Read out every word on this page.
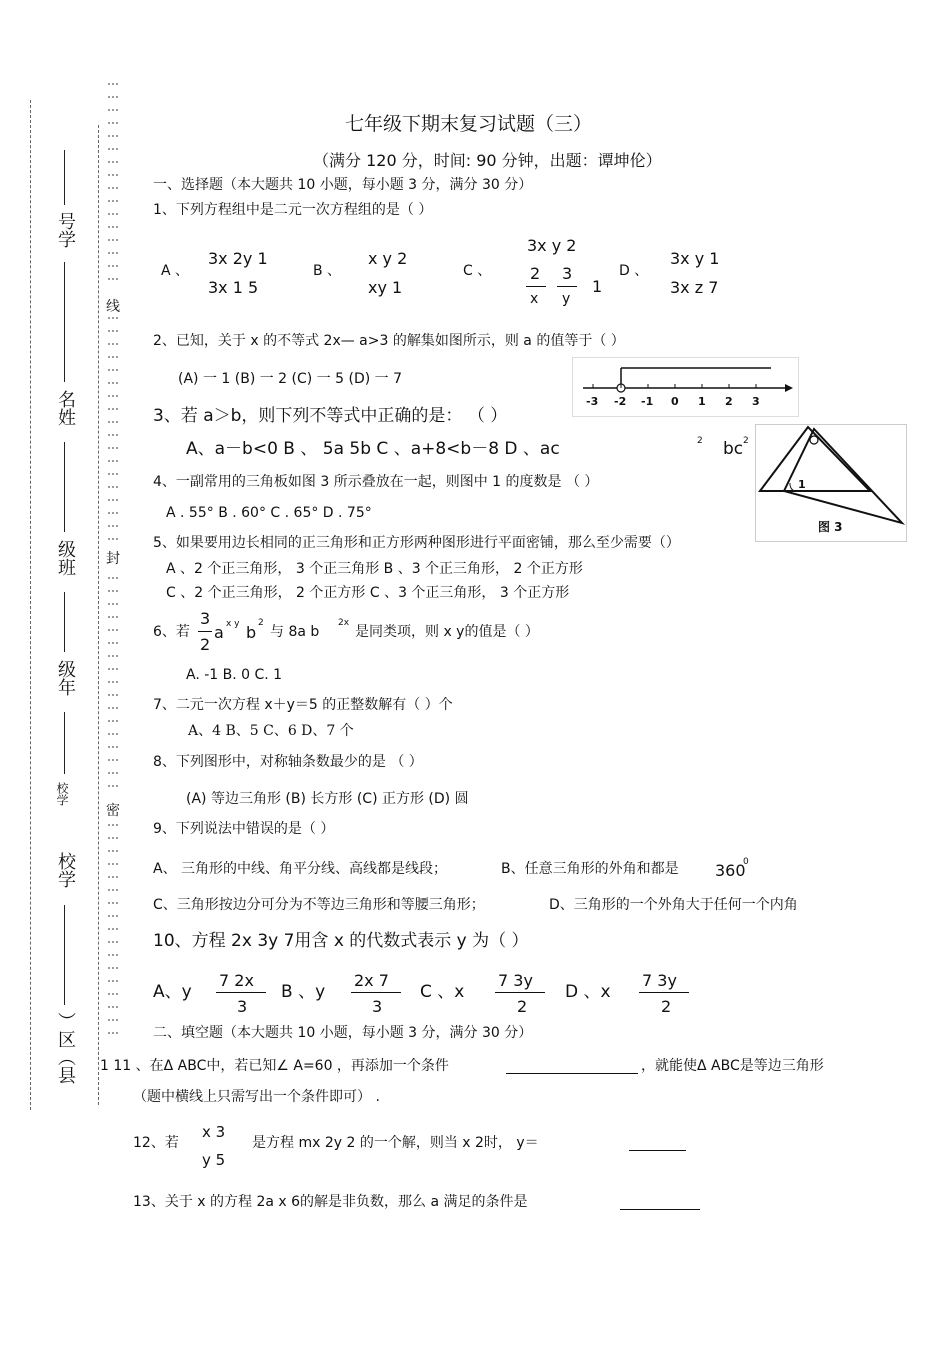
线
封
密
号学
名姓
级班
级年
校学
校学
）区（县
七年级下期末复习试题（三）
（满分 120 分，时间: 90 分钟，出题：谭坤伦）
一、选择题（本大题共 10 小题，每小题 3 分，满分 30 分）
1、下列方程组中是二元一次方程组的是（ ）
A 、
3x 2y 1
3x 1 5
B 、
x y 2
xy 1
C 、
3x y 2
2 3
x y
1
D 、
3x y 1
3x z 7
2、已知，关于 x 的不等式 2x— a>3 的解集如图所示，则 a 的值等于（ ）
(A) 一 1 (B) 一 2 (C) 一 5 (D) 一 7
-3 -2 -1 0 1 2 3
3、若 a＞b，则下列不等式中正确的是： （ ）
A、a－b<0 B 、 5a 5b C 、a+8<b－8 D 、ac	2 bc 2
1
图 3
4、一副常用的三角板如图 3 所示叠放在一起，则图中 1 的度数是 （ ）
A . 55° B . 60° C . 65° D . 75°
5、如果要用边长相同的正三角形和正方形两种图形进行平面密铺，那么至少需要（）
A 、2 个正三角形， 3 个正三角形 B 、3 个正三角形， 2 个正方形
C 、2 个正三角形， 2 个正方形 C 、3 个正三角形， 3 个正方形
6、若
3
2
a x y b 2
与 8a b
2x
是同类项，则 x y的值是（ ）
A. -1 B. 0 C. 1
7、二元一次方程 x＋y＝5 的正整数解有（ ）个
A、4 B、5 C、6 D、7 个
8、下列图形中，对称轴条数最少的是 （ ）
(A) 等边三角形 (B) 长方形 (C) 正方形 (D) 圆
9、下列说法中错误的是（ ）
A、 三角形的中线、角平分线、高线都是线段；	B、任意三角形的外角和都是 360
0
C、三角形按边分可分为不等边三角形和等腰三角形；	D、三角形的一个外角大于任何一个内角
10、方程 2x 3y 7用含 x 的代数式表示 y 为（ ）
A、y
7 2x
3
B 、y
2x 7
3
C 、x
7 3y
2
D 、x
7 3y
2
二、填空题（本大题共 10 小题，每小题 3 分，满分 30 分）
1 11 、在Δ ABC中，若已知∠ A=60 ，再添加一个条件	，就能使Δ ABC是等边三角形
（题中横线上只需写出一个条件即可） .
12、若
x 3
y 5
是方程 mx 2y 2 的一个解，则当 x 2时， y＝
13、关于 x 的方程 2a x 6的解是非负数，那么 a 满足的条件是
